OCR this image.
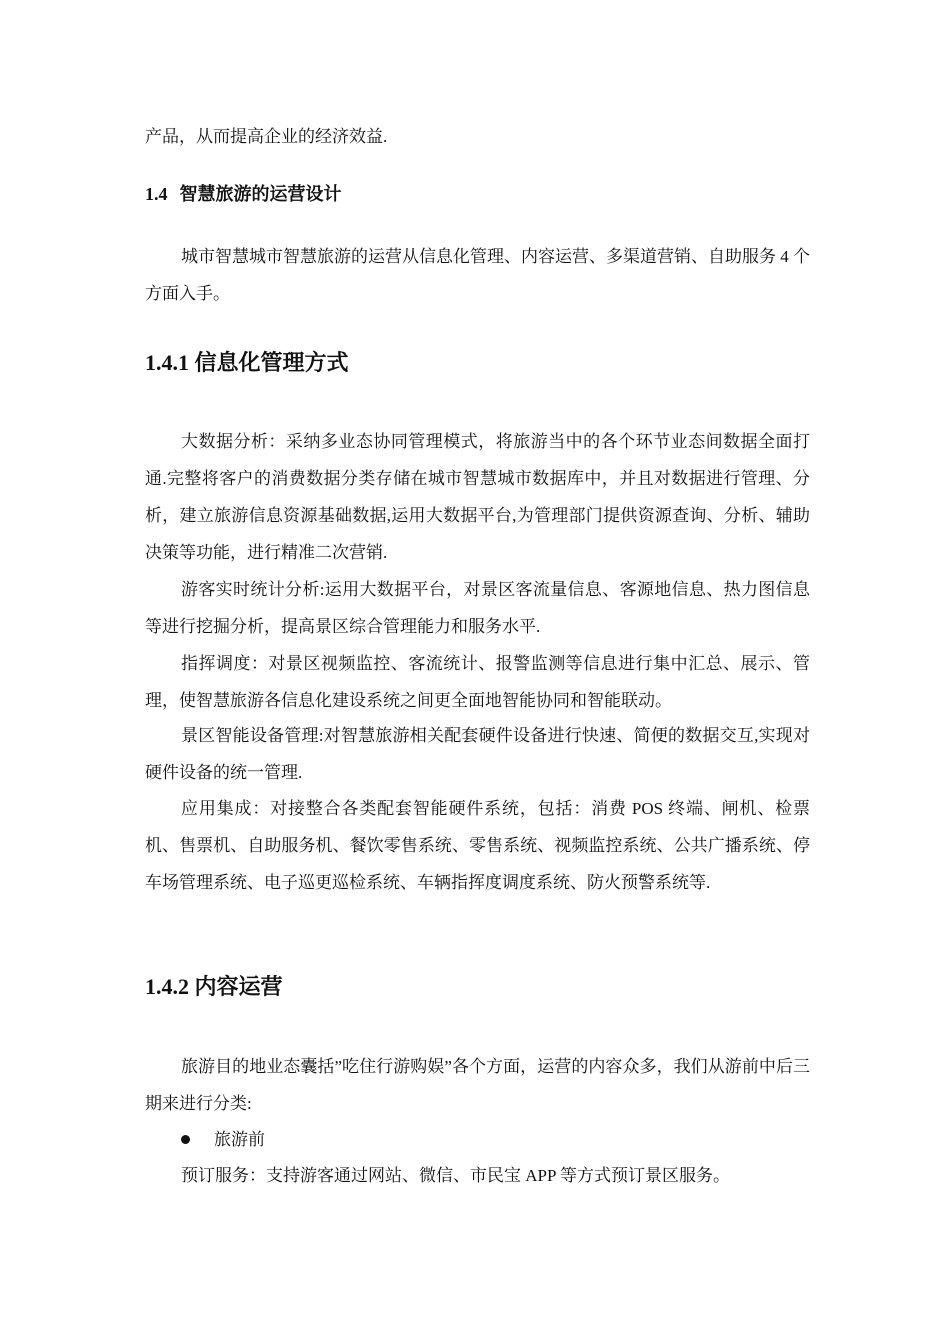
产品，从而提高企业的经济效益.

1.4 智慧旅游的运营设计

城市智慧城市智慧旅游的运营从信息化管理、内容运营、多渠道营销、自助服务 4 个方面入手。

1.4.1 信息化管理方式

大数据分析：采纳多业态协同管理模式，将旅游当中的各个环节业态间数据全面打通.完整将客户的消费数据分类存储在城市智慧城市数据库中，并且对数据进行管理、分析，建立旅游信息资源基础数据,运用大数据平台,为管理部门提供资源查询、分析、辅助决策等功能，进行精准二次营销.

游客实时统计分析:运用大数据平台，对景区客流量信息、客源地信息、热力图信息等进行挖掘分析，提高景区综合管理能力和服务水平.

指挥调度：对景区视频监控、客流统计、报警监测等信息进行集中汇总、展示、管理，使智慧旅游各信息化建设系统之间更全面地智能协同和智能联动。

景区智能设备管理:对智慧旅游相关配套硬件设备进行快速、简便的数据交互,实现对硬件设备的统一管理.

应用集成：对接整合各类配套智能硬件系统，包括：消费 POS 终端、闸机、检票机、售票机、自助服务机、餐饮零售系统、零售系统、视频监控系统、公共广播系统、停车场管理系统、电子巡更巡检系统、车辆指挥度调度系统、防火预警系统等.

1.4.2 内容运营

旅游目的地业态囊括”吃住行游购娱”各个方面，运营的内容众多，我们从游前中后三期来进行分类:

旅游前

预订服务：支持游客通过网站、微信、市民宝 APP 等方式预订景区服务。
